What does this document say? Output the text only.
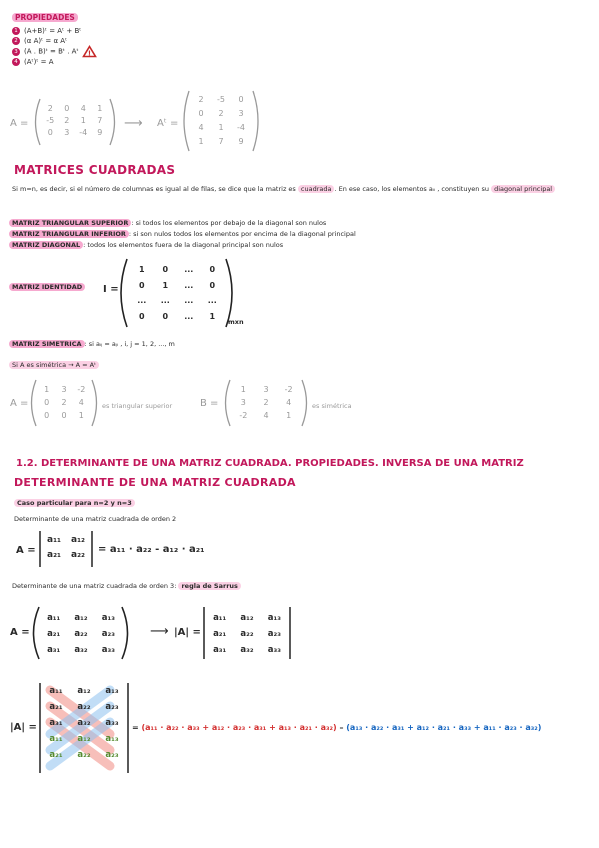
PROPIEDADES
1 (A+B)ᵗ = Aᵗ + Bᵗ
2 (α A)ᵗ = α Aᵗ
3 (A . B)ᵗ = Bᵗ . Aᵗ !
4 (Aᵗ)ᵗ = A
A =
2	0	4	1
-5	2	1	7
0	3	-4	9
⟶ Aᵗ =
2	-5	0
0	2	3
4	1	-4
1	7	9
MATRICES CUADRADAS
Si m=n, es decir, si el número de columnas es igual al de filas, se dice que la matriz es cuadrada . En ese caso, los elementos aᵢᵢ , constituyen su diagonal principal
MATRIZ TRIANGULAR SUPERIOR : si todos los elementos por debajo de la diagonal son nulos
MATRIZ TRIANGULAR INFERIOR : si son nulos todos los elementos por encima de la diagonal principal
MATRIZ DIAGONAL : todos los elementos fuera de la diagonal principal son nulos
MATRIZ IDENTIDAD	I =
1	0	...	0
0	1	...	0
...	...	...	...
0	0	...	1
mxn
MATRIZ SIMETRICA : si aᵢⱼ = aⱼᵢ , i, j = 1, 2, ..., m
Si A es simétrica → A = Aᵗ
A =
1	3	-2
0	2	4
0	0	1
es triangular superior	B =
1	3	-2
3	2	4
-2	4	1
es simétrica
1.2. DETERMINANTE DE UNA MATRIZ CUADRADA. PROPIEDADES. INVERSA DE UNA MATRIZ
DETERMINANTE DE UNA MATRIZ CUADRADA
Caso particular para n=2 y n=3
Determinante de una matriz cuadrada de orden 2
A =
a₁₁	a₁₂
a₂₁	a₂₂	= a₁₁ · a₂₂ - a₁₂ · a₂₁
Determinante de una matriz cuadrada de orden 3: regla de Sarrus
A =
a₁₁	a₁₂	a₁₃
a₂₁	a₂₂	a₂₃
a₃₁	a₃₂	a₃₃
⟶ |A| =
a₁₁	a₁₂	a₁₃
a₂₁	a₂₂	a₂₃
a₃₁	a₃₂	a₃₃
|A| =
a₁₁	a₁₂	a₁₃
a₂₁	a₂₂	a₂₃
a₃₁	a₃₂	a₃₃
a₁₁	a₁₂	a₁₃
a₂₁	a₂₂	a₂₃
= (a₁₁ · a₂₂ · a₃₃ + a₁₂ · a₂₃ · a₃₁ + a₁₃ · a₂₁ · a₃₂) – (a₁₃ · a₂₂ · a₃₁ + a₁₂ · a₂₁ · a₃₃ + a₁₁ · a₂₃ · a₃₂)
